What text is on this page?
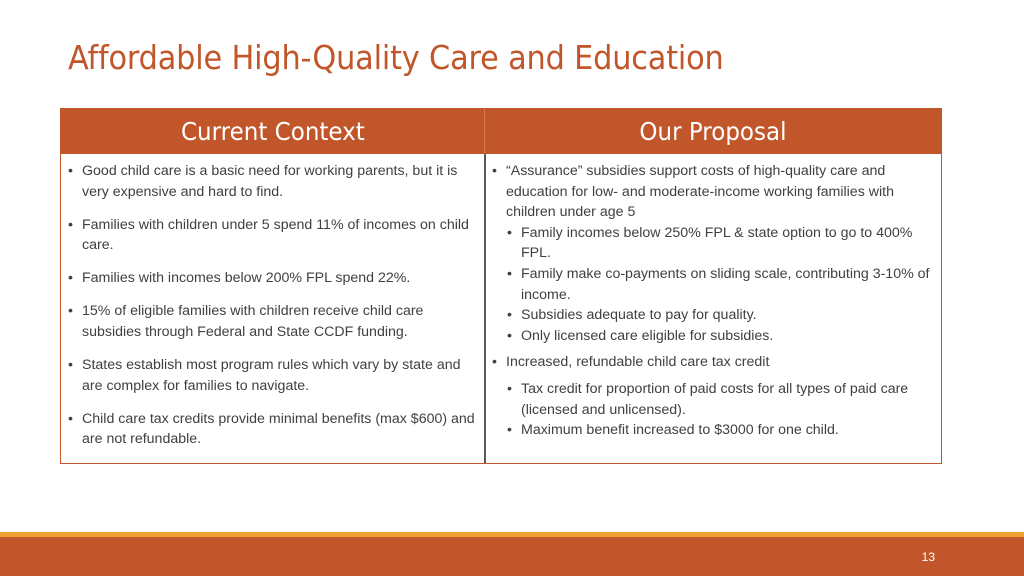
Affordable High-Quality Care and Education
Current Context	Our Proposal
• Good child care is a basic need for working parents, but it is very expensive and hard to find.
• Families with children under 5 spend 11% of incomes on child care.
• Families with incomes below 200% FPL spend 22%.
• 15% of eligible families with children receive child care subsidies through Federal and State CCDF funding.
• States establish most program rules which vary by state and are complex for families to navigate.
• Child care tax credits provide minimal benefits (max $600) and are not refundable.
• “Assurance” subsidies support costs of high-quality care and education for low- and moderate-income working families with children under age 5
• Family incomes below 250% FPL & state option to go to 400% FPL.
• Family make co-payments on sliding scale, contributing 3-10% of income.
• Subsidies adequate to pay for quality.
• Only licensed care eligible for subsidies.
• Increased, refundable child care tax credit
• Tax credit for proportion of paid costs for all types of paid care (licensed and unlicensed).
• Maximum benefit increased to $3000 for one child.
13
